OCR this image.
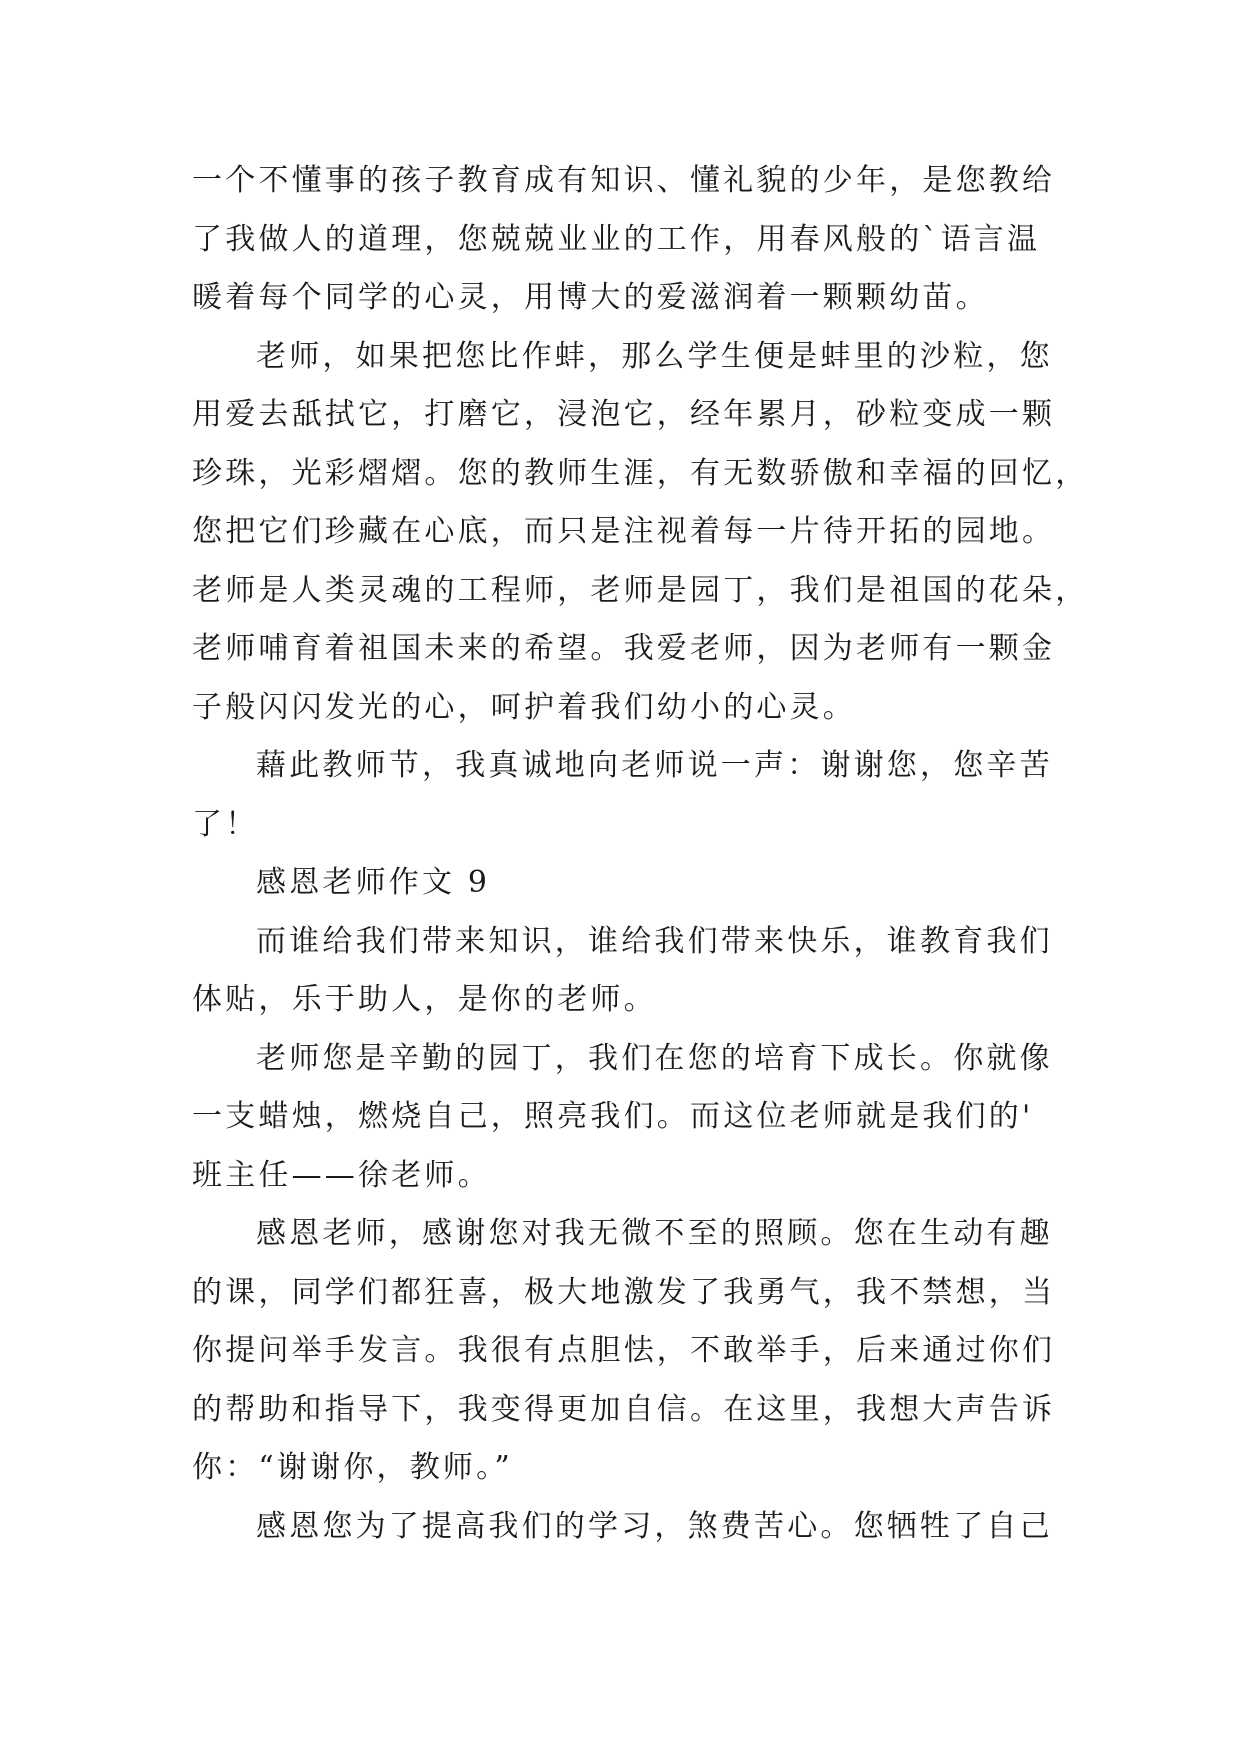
一个不懂事的孩子教育成有知识、懂礼貌的少年，是您教给
了我做人的道理，您兢兢业业的工作，用春风般的`语言温
暖着每个同学的心灵，用博大的爱滋润着一颗颗幼苗。
老师，如果把您比作蚌，那么学生便是蚌里的沙粒，您
用爱去舐拭它，打磨它，浸泡它，经年累月，砂粒变成一颗
珍珠，光彩熠熠。您的教师生涯，有无数骄傲和幸福的回忆，
您把它们珍藏在心底，而只是注视着每一片待开拓的园地。
老师是人类灵魂的工程师，老师是园丁，我们是祖国的花朵，
老师哺育着祖国未来的希望。我爱老师，因为老师有一颗金
子般闪闪发光的心，呵护着我们幼小的心灵。
藉此教师节，我真诚地向老师说一声：谢谢您，您辛苦
了！
感恩老师作文 9
而谁给我们带来知识，谁给我们带来快乐，谁教育我们
体贴，乐于助人，是你的老师。
老师您是辛勤的园丁，我们在您的培育下成长。你就像
一支蜡烛，燃烧自己，照亮我们。而这位老师就是我们的'
班主任——徐老师。
感恩老师，感谢您对我无微不至的照顾。您在生动有趣
的课，同学们都狂喜，极大地激发了我勇气，我不禁想，当
你提问举手发言。我很有点胆怯，不敢举手，后来通过你们
的帮助和指导下，我变得更加自信。在这里，我想大声告诉
你：“谢谢你，教师。”
感恩您为了提高我们的学习，煞费苦心。您牺牲了自己
